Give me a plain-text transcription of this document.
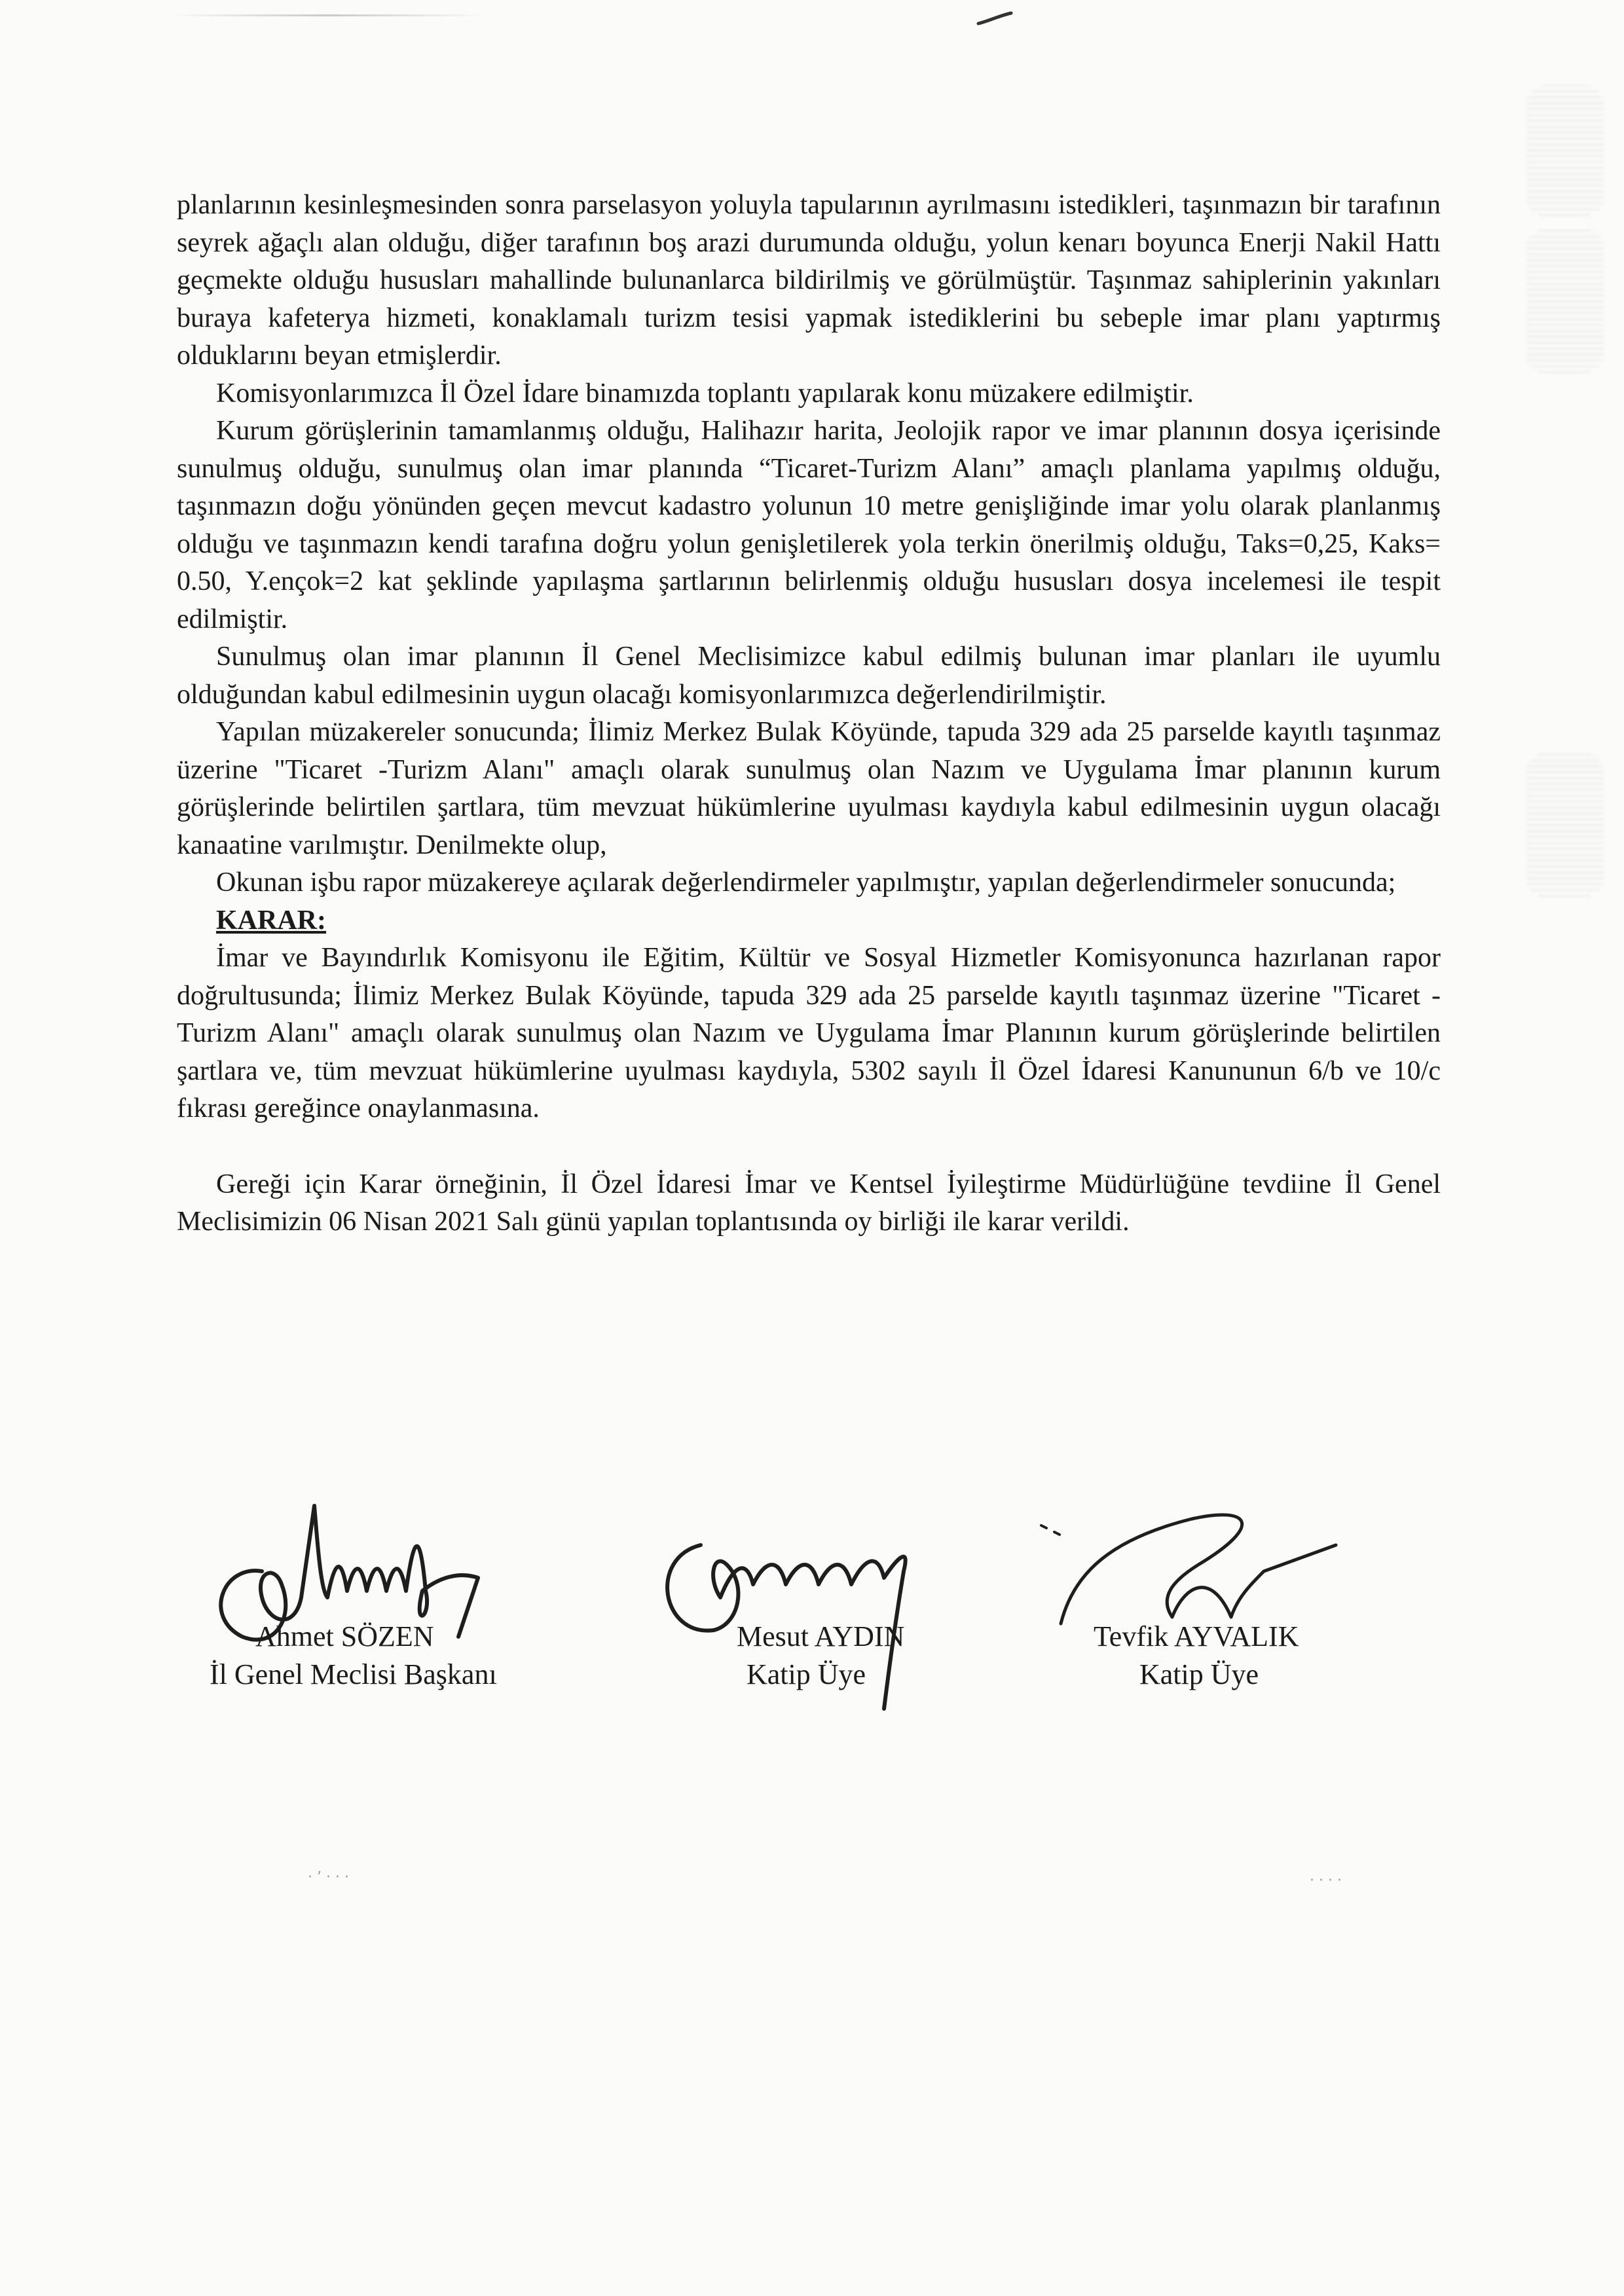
planlarının kesinleşmesinden sonra parselasyon yoluyla tapularının ayrılmasını istedikleri, taşınmazın bir tarafının seyrek ağaçlı alan olduğu, diğer tarafının boş arazi durumunda olduğu, yolun kenarı boyunca Enerji Nakil Hattı geçmekte olduğu hususları mahallinde bulunanlarca bildirilmiş ve görülmüştür. Taşınmaz sahiplerinin yakınları buraya kafeterya hizmeti, konaklamalı turizm tesisi yapmak istediklerini bu sebeple imar planı yaptırmış olduklarını beyan etmişlerdir.

Komisyonlarımızca İl Özel İdare binamızda toplantı yapılarak konu müzakere edilmiştir.

Kurum görüşlerinin tamamlanmış olduğu, Halihazır harita, Jeolojik rapor ve imar planının dosya içerisinde sunulmuş olduğu, sunulmuş olan imar planında “Ticaret-Turizm Alanı” amaçlı planlama yapılmış olduğu, taşınmazın doğu yönünden geçen mevcut kadastro yolunun 10 metre genişliğinde imar yolu olarak planlanmış olduğu ve taşınmazın kendi tarafına doğru yolun genişletilerek yola terkin önerilmiş olduğu, Taks=0,25, Kaks= 0.50, Y.ençok=2 kat şeklinde yapılaşma şartlarının belirlenmiş olduğu hususları dosya incelemesi ile tespit edilmiştir.

Sunulmuş olan imar planının İl Genel Meclisimizce kabul edilmiş bulunan imar planları ile uyumlu olduğundan kabul edilmesinin uygun olacağı komisyonlarımızca değerlendirilmiştir.

Yapılan müzakereler sonucunda; İlimiz Merkez Bulak Köyünde, tapuda 329 ada 25 parselde kayıtlı taşınmaz üzerine "Ticaret -Turizm Alanı" amaçlı olarak sunulmuş olan Nazım ve Uygulama İmar planının kurum görüşlerinde belirtilen şartlara, tüm mevzuat hükümlerine uyulması kaydıyla kabul edilmesinin uygun olacağı kanaatine varılmıştır. Denilmekte olup,

Okunan işbu rapor müzakereye açılarak değerlendirmeler yapılmıştır, yapılan değerlendirmeler sonucunda;

KARAR:

İmar ve Bayındırlık Komisyonu ile Eğitim, Kültür ve Sosyal Hizmetler Komisyonunca hazırlanan rapor doğrultusunda; İlimiz Merkez Bulak Köyünde, tapuda 329 ada 25 parselde kayıtlı taşınmaz üzerine "Ticaret -Turizm Alanı" amaçlı olarak sunulmuş olan Nazım ve Uygulama İmar Planının kurum görüşlerinde belirtilen şartlara ve, tüm mevzuat hükümlerine uyulması kaydıyla, 5302 sayılı İl Özel İdaresi Kanununun 6/b ve 10/c fıkrası gereğince onaylanmasına.

Gereği için Karar örneğinin, İl Özel İdaresi İmar ve Kentsel İyileştirme Müdürlüğüne tevdiine İl Genel Meclisimizin 06 Nisan 2021 Salı günü yapılan toplantısında oy birliği ile karar verildi.

Ahmet SÖZEN
İl Genel Meclisi Başkanı
Mesut AYDIN
Katip Üye
Tevfik AYVALIK
Katip Üye
· ʼ · · ·	· · · ·
